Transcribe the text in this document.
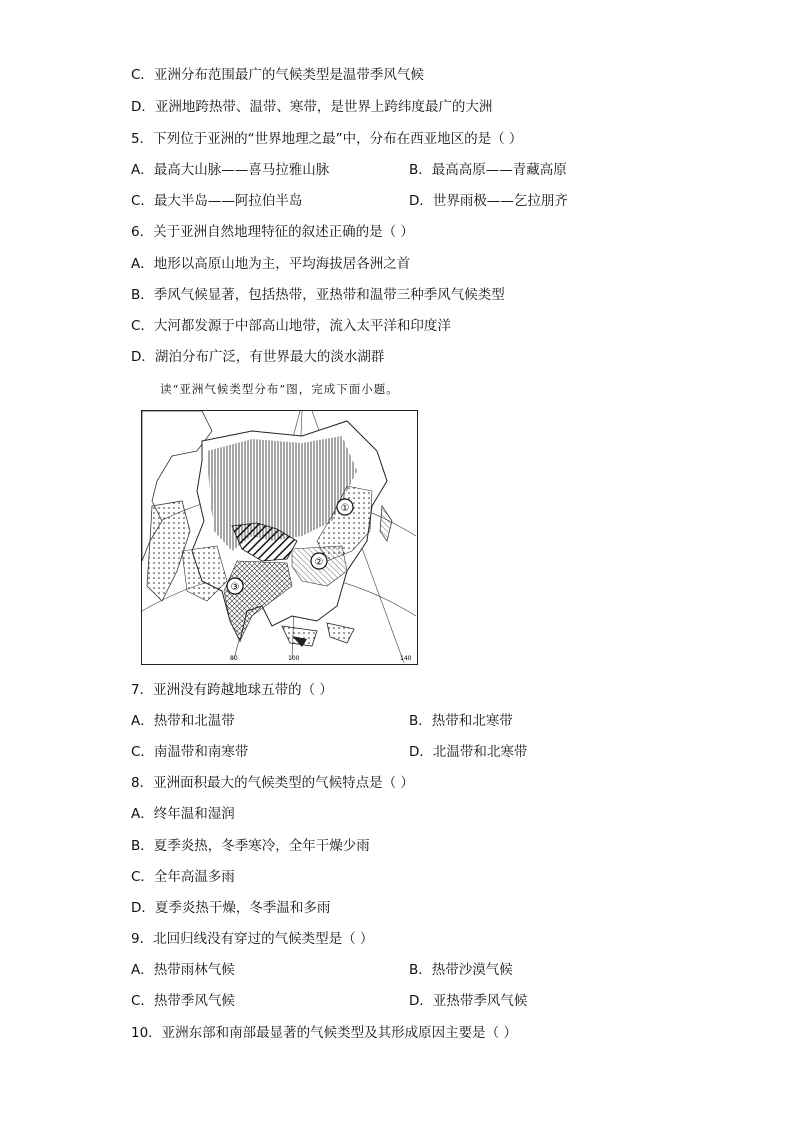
C．亚洲分布范围最广的气候类型是温带季风气候
D．亚洲地跨热带、温带、寒带，是世界上跨纬度最广的大洲
5．下列位于亚洲的“世界地理之最”中，分布在西亚地区的是（ ）
A．最高大山脉——喜马拉雅山脉	B．最高高原——青藏高原
C．最大半岛——阿拉伯半岛	D．世界雨极——乞拉朋齐
6．关于亚洲自然地理特征的叙述正确的是（ ）
A．地形以高原山地为主，平均海拔居各洲之首
B．季风气候显著，包括热带，亚热带和温带三种季风气候类型
C．大河都发源于中部高山地带，流入太平洋和印度洋
D．湖泊分布广泛，有世界最大的淡水湖群
读“亚洲气候类型分布”图，完成下面小题。
①
②
③
80	100	140
7．亚洲没有跨越地球五带的（ ）
A．热带和北温带	B．热带和北寒带
C．南温带和南寒带	D．北温带和北寒带
8．亚洲面积最大的气候类型的气候特点是（ ）
A．终年温和湿润
B．夏季炎热，冬季寒冷，全年干燥少雨
C．全年高温多雨
D．夏季炎热干燥，冬季温和多雨
9．北回归线没有穿过的气候类型是（ ）
A．热带雨林气候	B．热带沙漠气候
C．热带季风气候	D．亚热带季风气候
10．亚洲东部和南部最显著的气候类型及其形成原因主要是（ ）
